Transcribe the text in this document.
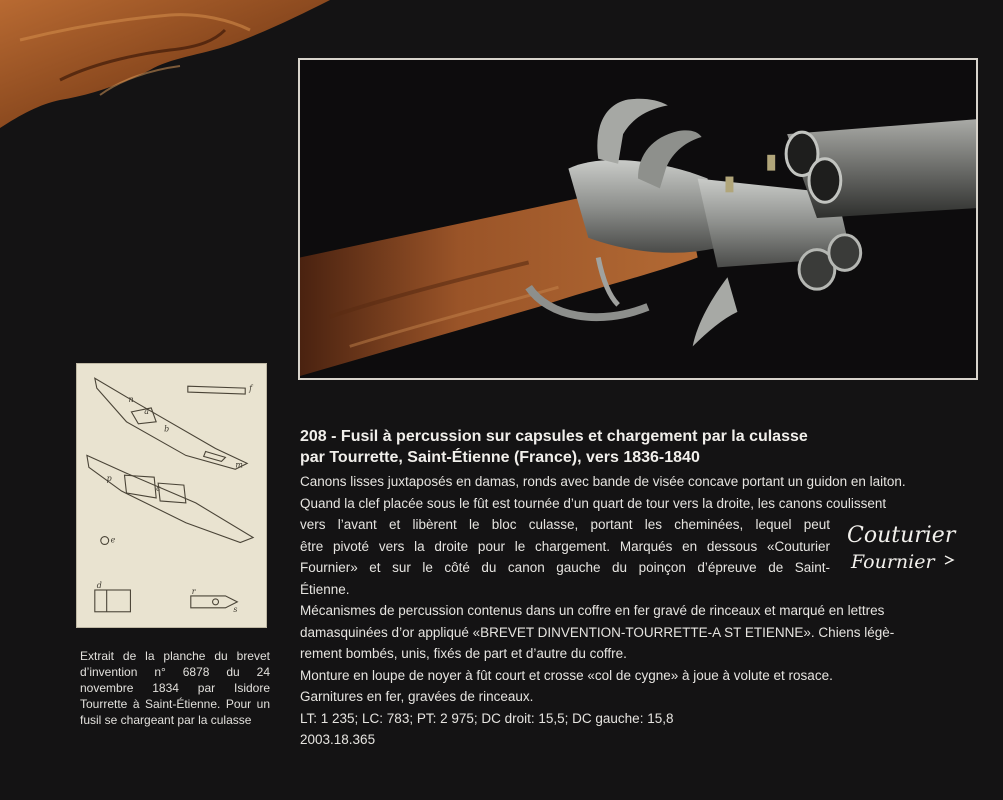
f
n
b
a
m
p
c
e
d
r
s

Extrait de la planche du brevet d’invention n° 6878 du 24 novembre 1834 par Isidore Tourrette à Saint-Étienne. Pour un fusil se chargeant par la culasse

208 - Fusil à percussion sur capsules et chargement par la culasse
par Tourrette, Saint-Étienne (France), vers 1836-1840
Canons lisses juxtaposés en damas, ronds avec bande de visée concave portant un guidon en laiton.
Quand la clef placée sous le fût est tournée d’un quart de tour vers la droite, les canons coulissent
vers l’avant et libèrent le bloc culasse, portant les cheminées, lequel peut
être pivoté vers la droite pour le chargement. Marqués en dessous «Couturier
Fournier» et sur le côté du canon gauche du poinçon d’épreuve de Saint-
Étienne.
Mécanismes de percussion contenus dans un coffre en fer gravé de rinceaux et marqué en lettres
damasquinées d’or appliqué «BREVET DINVENTION-TOURRETTE-A ST ETIENNE». Chiens légè-
rement bombés, unis, fixés de part et d’autre du coffre.
Monture en loupe de noyer à fût court et crosse «col de cygne» à joue à volute et rosace.
Garnitures en fer, gravées de rinceaux.
LT: 1 235; LC: 783; PT: 2 975; DC droit: 15,5; DC gauche: 15,8
2003.18.365
Couturier
Fournier
